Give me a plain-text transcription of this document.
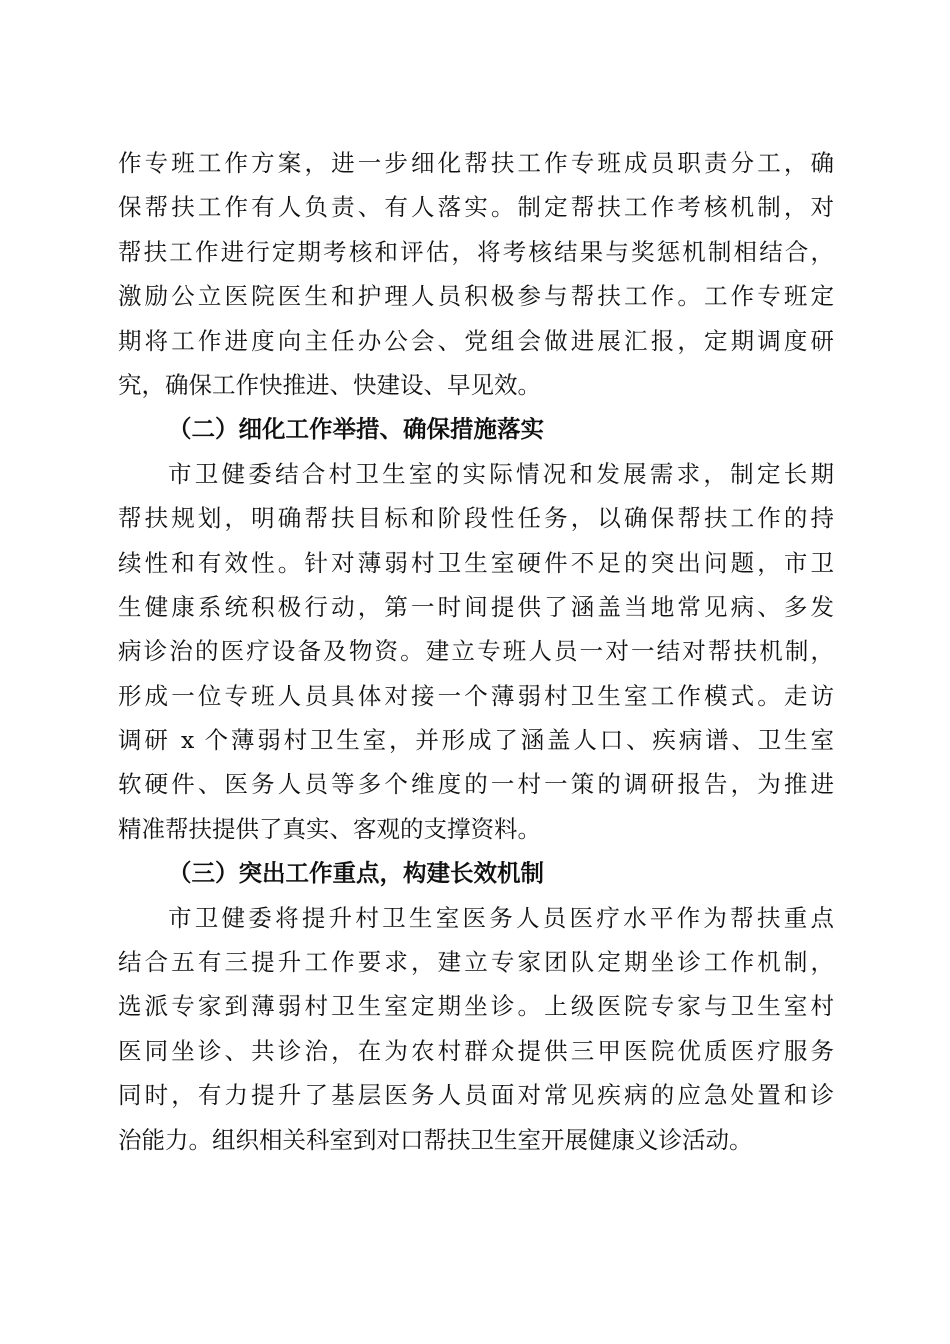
作专班工作方案，进一步细化帮扶工作专班成员职责分工，确
保帮扶工作有人负责、有人落实。制定帮扶工作考核机制，对
帮扶工作进行定期考核和评估，将考核结果与奖惩机制相结合，
激励公立医院医生和护理人员积极参与帮扶工作。工作专班定
期将工作进度向主任办公会、党组会做进展汇报，定期调度研
究，确保工作快推进、快建设、早见效。
（二）细化工作举措、确保措施落实
市卫健委结合村卫生室的实际情况和发展需求，制定长期
帮扶规划，明确帮扶目标和阶段性任务，以确保帮扶工作的持
续性和有效性。针对薄弱村卫生室硬件不足的突出问题，市卫
生健康系统积极行动，第一时间提供了涵盖当地常见病、多发
病诊治的医疗设备及物资。建立专班人员一对一结对帮扶机制，
形成一位专班人员具体对接一个薄弱村卫生室工作模式。走访
调研 x 个薄弱村卫生室，并形成了涵盖人口、疾病谱、卫生室
软硬件、医务人员等多个维度的一村一策的调研报告，为推进
精准帮扶提供了真实、客观的支撑资料。
（三）突出工作重点，构建长效机制
市卫健委将提升村卫生室医务人员医疗水平作为帮扶重点
结合五有三提升工作要求，建立专家团队定期坐诊工作机制，
选派专家到薄弱村卫生室定期坐诊。上级医院专家与卫生室村
医同坐诊、共诊治，在为农村群众提供三甲医院优质医疗服务
同时，有力提升了基层医务人员面对常见疾病的应急处置和诊
治能力。组织相关科室到对口帮扶卫生室开展健康义诊活动。
